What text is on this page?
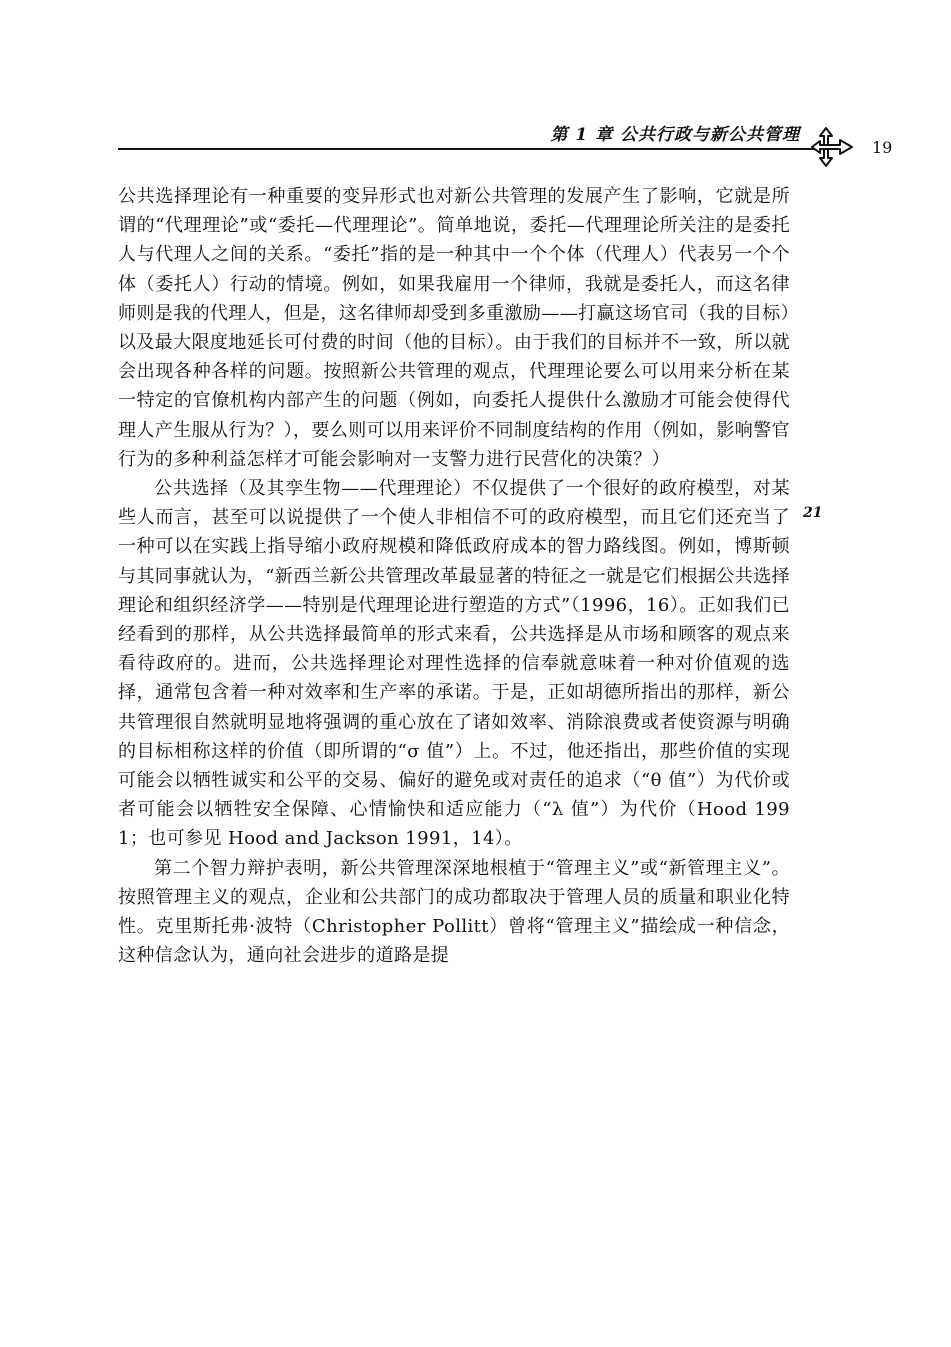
第 1 章 公共行政与新公共管理
19
21

公共选择理论有一种重要的变异形式也对新公共管理的发展产生了影响，它就是所谓的“代理理论”或“委托—代理理论”。简单地说，委托—代理理论所关注的是委托人与代理人之间的关系。“委托”指的是一种其中一个个体（代理人）代表另一个个体（委托人）行动的情境。例如，如果我雇用一个律师，我就是委托人，而这名律师则是我的代理人，但是，这名律师却受到多重激励——打赢这场官司（我的目标）以及最大限度地延长可付费的时间（他的目标）。由于我们的目标并不一致，所以就会出现各种各样的问题。按照新公共管理的观点，代理理论要么可以用来分析在某一特定的官僚机构内部产生的问题（例如，向委托人提供什么激励才可能会使得代理人产生服从行为？），要么则可以用来评价不同制度结构的作用（例如，影响警官行为的多种利益怎样才可能会影响对一支警力进行民营化的决策？）

公共选择（及其孪生物——代理理论）不仅提供了一个很好的政府模型，对某些人而言，甚至可以说提供了一个使人非相信不可的政府模型，而且它们还充当了一种可以在实践上指导缩小政府规模和降低政府成本的智力路线图。例如，博斯顿与其同事就认为，“新西兰新公共管理改革最显著的特征之一就是它们根据公共选择理论和组织经济学——特别是代理理论进行塑造的方式”（1996，16）。正如我们已经看到的那样，从公共选择最简单的形式来看，公共选择是从市场和顾客的观点来看待政府的。进而，公共选择理论对理性选择的信奉就意味着一种对价值观的选择，通常包含着一种对效率和生产率的承诺。于是，正如胡德所指出的那样，新公共管理很自然就明显地将强调的重心放在了诸如效率、消除浪费或者使资源与明确的目标相称这样的价值（即所谓的“σ 值”）上。不过，他还指出，那些价值的实现可能会以牺牲诚实和公平的交易、偏好的避免或对责任的追求（“θ 值”）为代价或者可能会以牺牲安全保障、心情愉快和适应能力（“λ 值”）为代价（Hood 1991；也可参见 Hood and Jackson 1991，14）。

第二个智力辩护表明，新公共管理深深地根植于“管理主义”或“新管理主义”。按照管理主义的观点，企业和公共部门的成功都取决于管理人员的质量和职业化特性。克里斯托弗·波特（Christopher Pollitt）曾将“管理主义”描绘成一种信念，这种信念认为，通向社会进步的道路是提
